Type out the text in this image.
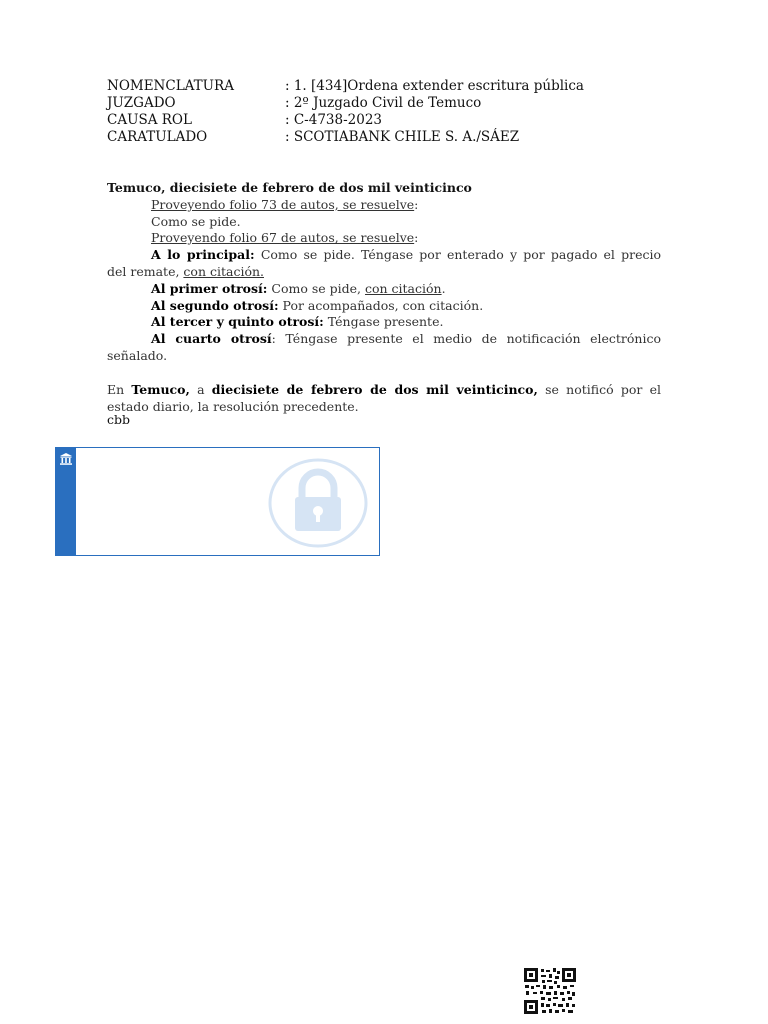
NOMENCLATURA	: 1. [434]Ordena extender escritura pública
JUZGADO	: 2º Juzgado Civil de Temuco
CAUSA ROL	: C-4738-2023
CARATULADO	: SCOTIABANK CHILE S. A./SÁEZ
Temuco, diecisiete de febrero de dos mil veinticinco
Proveyendo folio 73 de autos, se resuelve:
Como se pide.
Proveyendo folio 67 de autos, se resuelve:
A lo principal: Como se pide. Téngase por enterado y por pagado el precio
del remate, con citación.
Al primer otrosí: Como se pide, con citación.
Al segundo otrosí: Por acompañados, con citación.
Al tercer y quinto otrosí: Téngase presente.
Al cuarto otrosí: Téngase presente el medio de notificación electrónico
señalado.
En Temuco, a diecisiete de febrero de dos mil veinticinco, se notificó por el
estado diario, la resolución precedente.
cbb
